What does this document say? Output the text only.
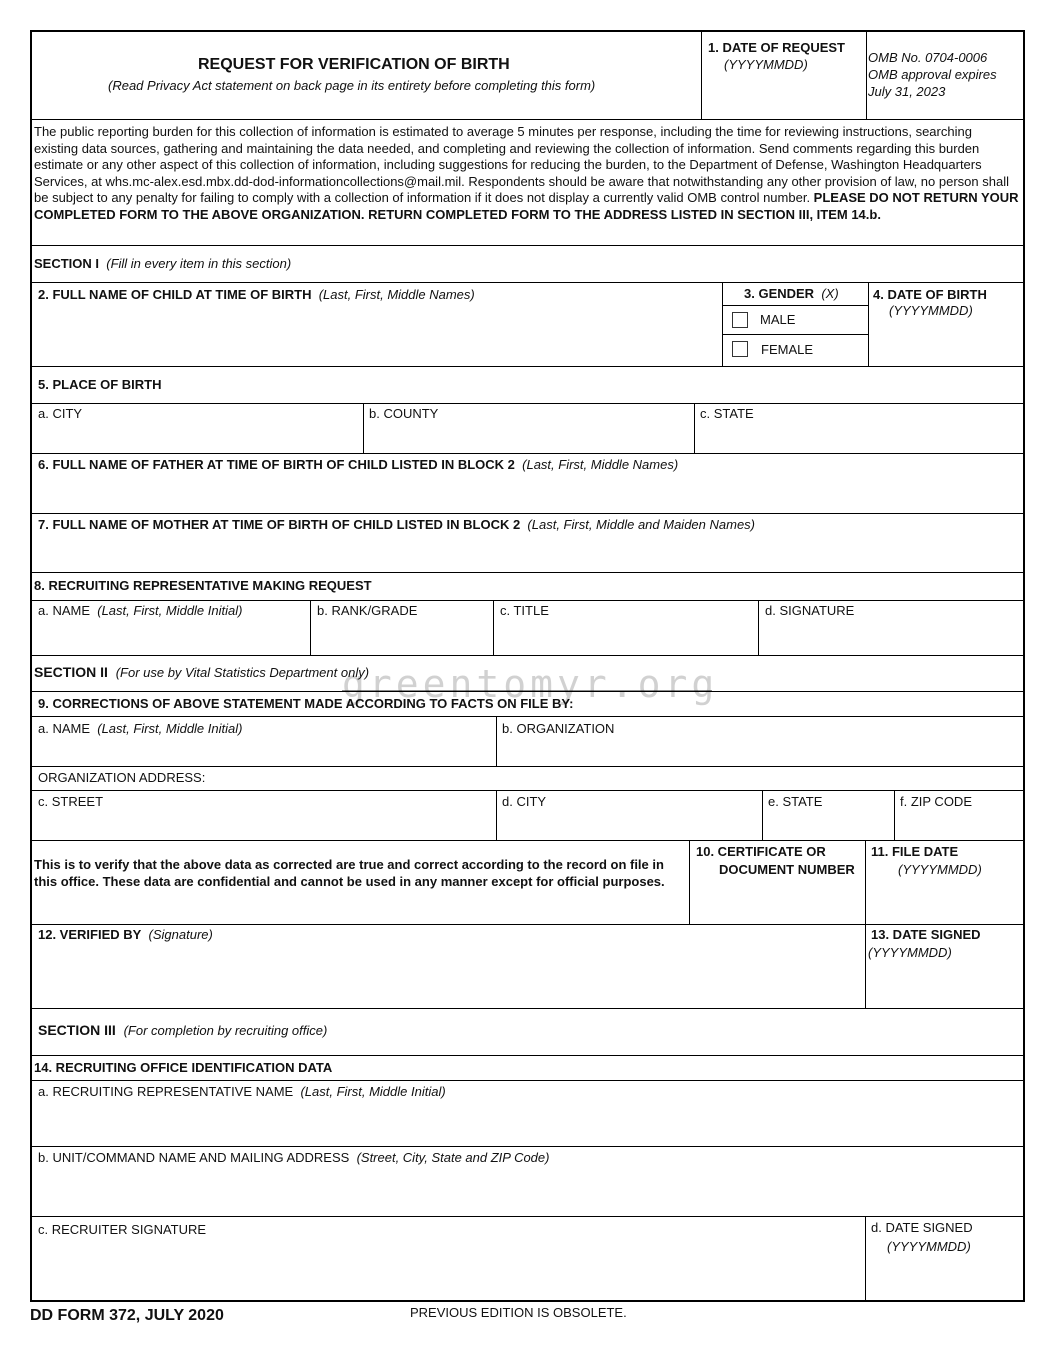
REQUEST FOR VERIFICATION OF BIRTH
(Read Privacy Act statement on back page in its entirety before completing this form)
1. DATE OF REQUEST
(YYYYMMDD)	OMB No. 0704-0006
OMB approval expires
July 31, 2023
The public reporting burden for this collection of information is estimated to average 5 minutes per response, including the time for reviewing instructions, searching existing data sources, gathering and maintaining the data needed, and completing and reviewing the collection of information. Send comments regarding this burden estimate or any other aspect of this collection of information, including suggestions for reducing the burden, to the Department of Defense, Washington Headquarters Services, at whs.mc-alex.esd.mbx.dd-dod-informationcollections@mail.mil. Respondents should be aware that notwithstanding any other provision of law, no person shall be subject to any penalty for failing to comply with a collection of information if it does not display a currently valid OMB control number. PLEASE DO NOT RETURN YOUR COMPLETED FORM TO THE ABOVE ORGANIZATION. RETURN COMPLETED FORM TO THE ADDRESS LISTED IN SECTION III, ITEM 14.b.
SECTION I (Fill in every item in this section)
2. FULL NAME OF CHILD AT TIME OF BIRTH (Last, First, Middle Names)	3. GENDER (X)
MALE
FEMALE
4. DATE OF BIRTH
(YYYYMMDD)
5. PLACE OF BIRTH
a. CITY	b. COUNTY	c. STATE
6. FULL NAME OF FATHER AT TIME OF BIRTH OF CHILD LISTED IN BLOCK 2 (Last, First, Middle Names)
7. FULL NAME OF MOTHER AT TIME OF BIRTH OF CHILD LISTED IN BLOCK 2 (Last, First, Middle and Maiden Names)
8. RECRUITING REPRESENTATIVE MAKING REQUEST
a. NAME (Last, First, Middle Initial)	b. RANK/GRADE	c. TITLE	d. SIGNATURE
SECTION II (For use by Vital Statistics Department only)
9. CORRECTIONS OF ABOVE STATEMENT MADE ACCORDING TO FACTS ON FILE BY:
a. NAME (Last, First, Middle Initial)	b. ORGANIZATION
ORGANIZATION ADDRESS:
c. STREET	d. CITY	e. STATE	f. ZIP CODE
This is to verify that the above data as corrected are true and correct according to the record on file in this office. These data are confidential and cannot be used in any manner except for official purposes.
10. CERTIFICATE OR
DOCUMENT NUMBER
11. FILE DATE
(YYYYMMDD)
12. VERIFIED BY (Signature)	13. DATE SIGNED
(YYYYMMDD)
SECTION III (For completion by recruiting office)
14. RECRUITING OFFICE IDENTIFICATION DATA
a. RECRUITING REPRESENTATIVE NAME (Last, First, Middle Initial)
b. UNIT/COMMAND NAME AND MAILING ADDRESS (Street, City, State and ZIP Code)
c. RECRUITER SIGNATURE	d. DATE SIGNED
(YYYYMMDD)
greentomyr.org
DD FORM 372, JULY 2020	PREVIOUS EDITION IS OBSOLETE.
